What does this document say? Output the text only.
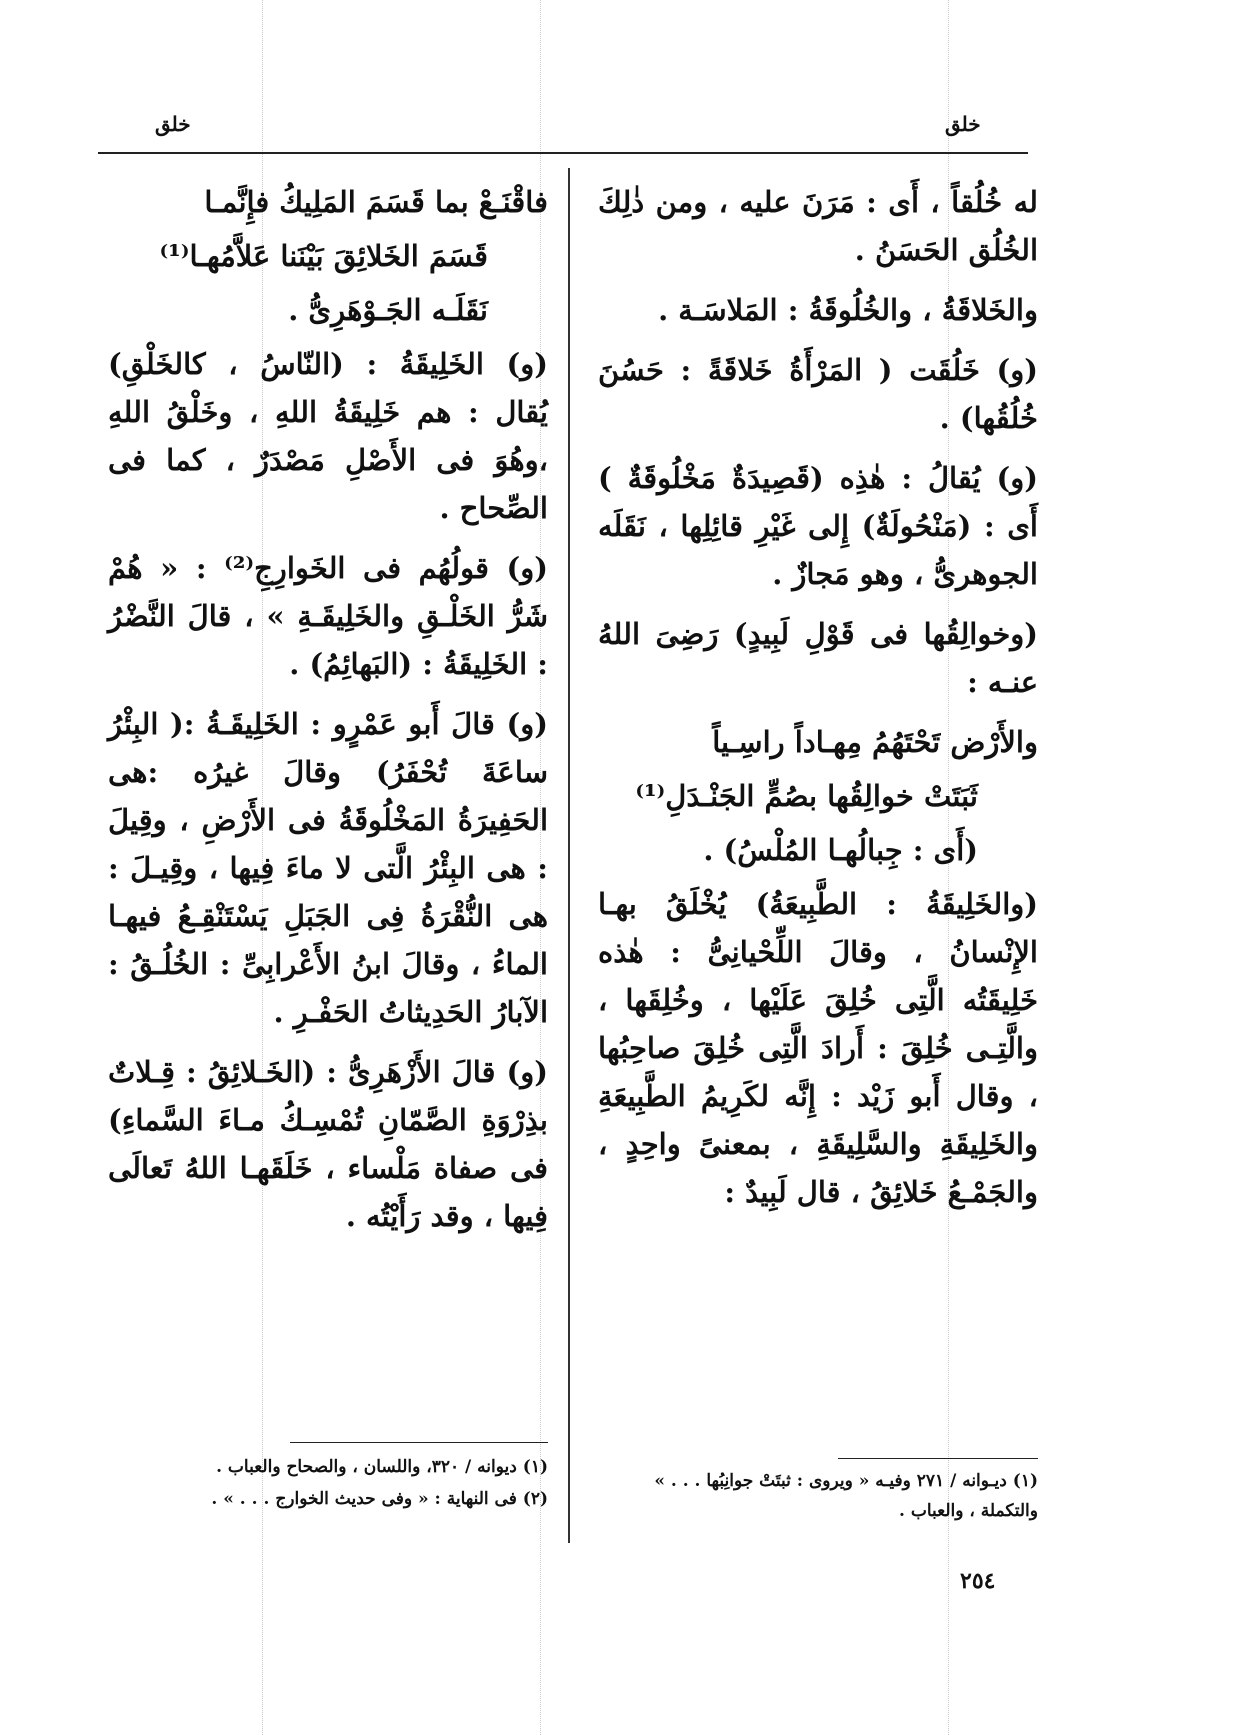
خلق
خلق

له خُلُقاً ، أَى : مَرَنَ عليه ، ومن ذٰلِكَ الخُلُق الحَسَنُ .

والخَلاقَةُ ، والخُلُوقَةُ : المَلاسَـة .

(و) خَلُقَت ( المَرْأَةُ خَلاقَةً : حَسُنَ خُلُقُها) .

(و) يُقالُ : هٰذِه (قَصِيدَةٌ مَخْلُوقَةٌ ) أَى : (مَنْحُولَةٌ) إِلى غَيْرِ قائِلِها ، نَقَلَه الجوهرىُّ ، وهو مَجازٌ .

(وخوالِقُها فى قَوْلِ لَبِيدٍ) رَضِىَ اللهُ عنـه :

والأَرْض تَحْتَهُمُ مِهـاداً راسِـياً

ثَبَتَتْ خوالِقُها بصُمٍّ الجَنْـدَلِ⁽¹⁾

(أَى : جِبالُهـا المُلْسُ) .

(والخَلِيقَةُ : الطَّبِيعَةُ) يُخْلَقُ بهـا الإِنْسانُ ، وقالَ اللِّحْيانِىُّ : هٰذه خَلِيقَتُه الَّتِى خُلِقَ عَلَيْها ، وخُلِقَها ، والَّتِـى خُلِقَ : أَرادَ الَّتِى خُلِقَ صاحِبُها ، وقال أَبو زَيْد : إِنَّه لكَرِيمُ الطَّبِيعَةِ والخَلِيقَةِ والسَّلِيقَةِ ، بمعنىً واحِدٍ ، والجَمْـعُ خَلائِقُ ، قال لَبِيدٌ :

(١) ديـوانه / ٢٧١ وفيـه « ويروى : ثبتَتْ جوانِبُها . . . » والتكملة ، والعباب .

فاقْنَـعْ بما قَسَمَ المَلِيكُ فإِنَّمـا

قَسَمَ الخَلائِقَ بَيْنَنا عَلاَّمُهـا⁽¹⁾

نَقَلَـه الجَـوْهَرِىُّ .

(و) الخَلِيقَةُ : (النّاسُ ، كالخَلْقِ) يُقال : هم خَلِيقَةُ اللهِ ، وخَلْقُ اللهِ ،وهُوَ فى الأَصْلِ مَصْدَرٌ ، كما فى الصِّحاح .

(و) قولُهُم فى الخَوارِجِ⁽²⁾ : « هُمْ شَرُّ الخَلْـقِ والخَلِيقَـةِ » ، قالَ النَّضْرُ : الخَلِيقَةُ : (البَهائِمُ) .

(و) قالَ أَبو عَمْرٍو : الخَلِيقَـةُ :( البِئْرُ ساعَةَ تُحْفَرُ) وقالَ غيرُه :هى الحَفِيرَةُ المَخْلُوقَةُ فى الأَرْضِ ، وقِيلَ : هى البِئْرُ الَّتى لا ماءَ فِيها ، وقِيـلَ : هى النُّقْرَةُ فِى الجَبَلِ يَسْتَنْقِـعُ فيهـا الماءُ ، وقالَ ابنُ الأَعْرابِىِّ : الخُلُـقُ : الآبارُ الحَدِيثاتُ الحَفْـرِ .

(و) قالَ الأَزْهَرِىُّ : (الخَـلائِقُ : قِـلاتٌ بذِرْوَةِ الصَّمّانِ تُمْسِـكُ مـاءَ السَّماءِ) فى صفاة مَلْساء ، خَلَقَهـا اللهُ تَعالَى فِيها ، وقد رَأَيْتُه .

(١) ديوانه / ٣٢٠، واللسان ، والصحاح والعباب .
(٢) فى النهاية : « وفى حديث الخوارج . . . » .
٢٥٤
